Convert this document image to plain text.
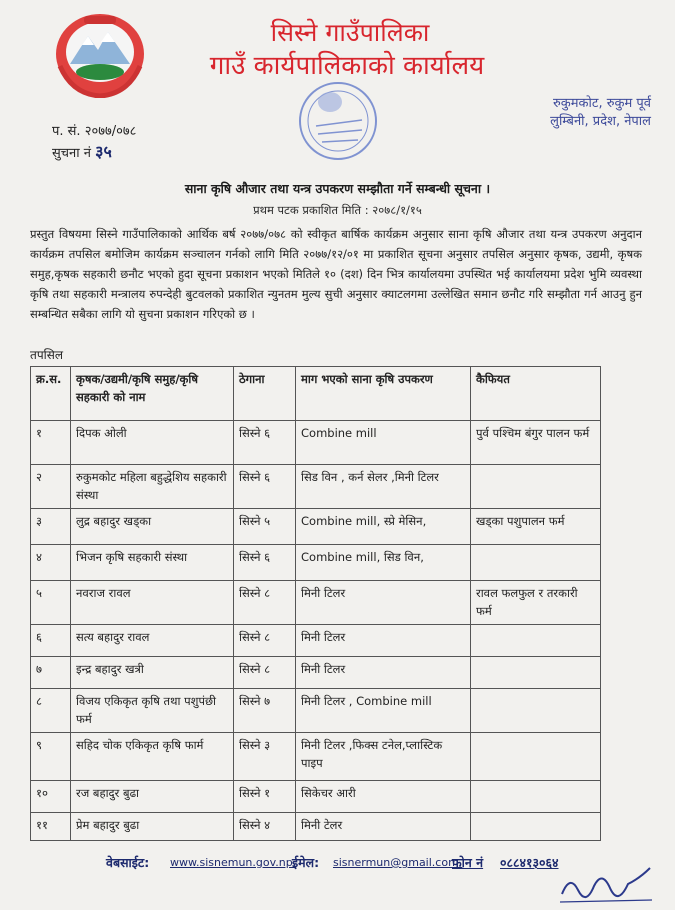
सिस्ने गाउँपालिका
गाउँ कार्यपालिकाको कार्यालय
रुकुमकोट, रुकुम पूर्व
लुम्बिनी, प्रदेश, नेपाल
प. सं. २०७७/०७८
सुचना नं ३५
साना कृषि औजार तथा यन्त्र उपकरण सम्झौता गर्ने सम्बन्धी सूचना ।
प्रथम पटक प्रकाशित मिति : २०७८/१/१५
प्रस्तुत विषयमा सिस्ने गाउँपालिकाको आर्थिक बर्ष २०७७/०७८ को स्वीकृत बार्षिक कार्यक्रम अनुसार साना कृषि औजार तथा यन्त्र उपकरण अनुदान कार्यक्रम तपसिल बमोजिम कार्यक्रम सञ्चालन गर्नको लागि मिति २०७७/१२/०१ मा प्रकाशित सूचना अनुसार तपसिल अनुसार कृषक, उद्यमी, कृषक समुह,कृषक सहकारी छनौट भएको हुदा सूचना प्रकाशन भएको मितिले १० (दश) दिन भित्र कार्यालयमा उपस्थित भई कार्यालयमा प्रदेश भुमि व्यवस्था कृषि तथा सहकारी मन्त्रालय रुपन्देही बुटवलको प्रकाशित न्युनतम मुल्य सुची अनुसार क्याटलगमा उल्लेखित समान छनौट गरि सम्झौता गर्न आउनु हुन सम्बन्धित सबैका लागि यो सुचना प्रकाशन गरिएको छ ।
तपसिल
क्र.स.	कृषक/उद्यमी/कृषि समुह/कृषि सहकारी को नाम	ठेगाना	माग भएको साना कृषि उपकरण	कैफियत
१	दिपक ओली	सिस्ने ६	Combine mill	पुर्व पश्चिम बंगुर पालन फर्म
२	रुकुमकोट महिला बहुद्धेशिय सहकारी संस्था	सिस्ने ६	सिड विन , कर्न सेलर ,मिनी टिलर	
३	लुद्र बहादुर खड्का	सिस्ने ५	Combine mill, स्प्रे मेसिन,	खड्का पशुपालन फर्म
४	भिजन कृषि सहकारी संस्था	सिस्ने ६	Combine mill, सिड विन,	
५	नवराज रावल	सिस्ने ८	मिनी टिलर	रावल फलफुल र तरकारी फर्म
६	सत्य बहादुर रावल	सिस्ने ८	मिनी टिलर	
७	इन्द्र बहादुर खत्री	सिस्ने ८	मिनी टिलर	
८	विजय एकिकृत कृषि तथा पशुपंछी फर्म	सिस्ने ७	मिनी टिलर , Combine mill	
९	सहिद चोक एकिकृत कृषि फार्म	सिस्ने ३	मिनी टिलर ,फिक्स टनेल,प्लास्टिक पाइप	
१०	रज बहादुर बुढा	सिस्ने १	सिकेचर आरी	
११	प्रेम बहादुर बुढा	सिस्ने ४	मिनी टेलर	
वेबसाईट: www.sisnemun.gov.np,
ईमेल: sisnermun@gmail.com,
फोन नं ०८८४१३०६४
